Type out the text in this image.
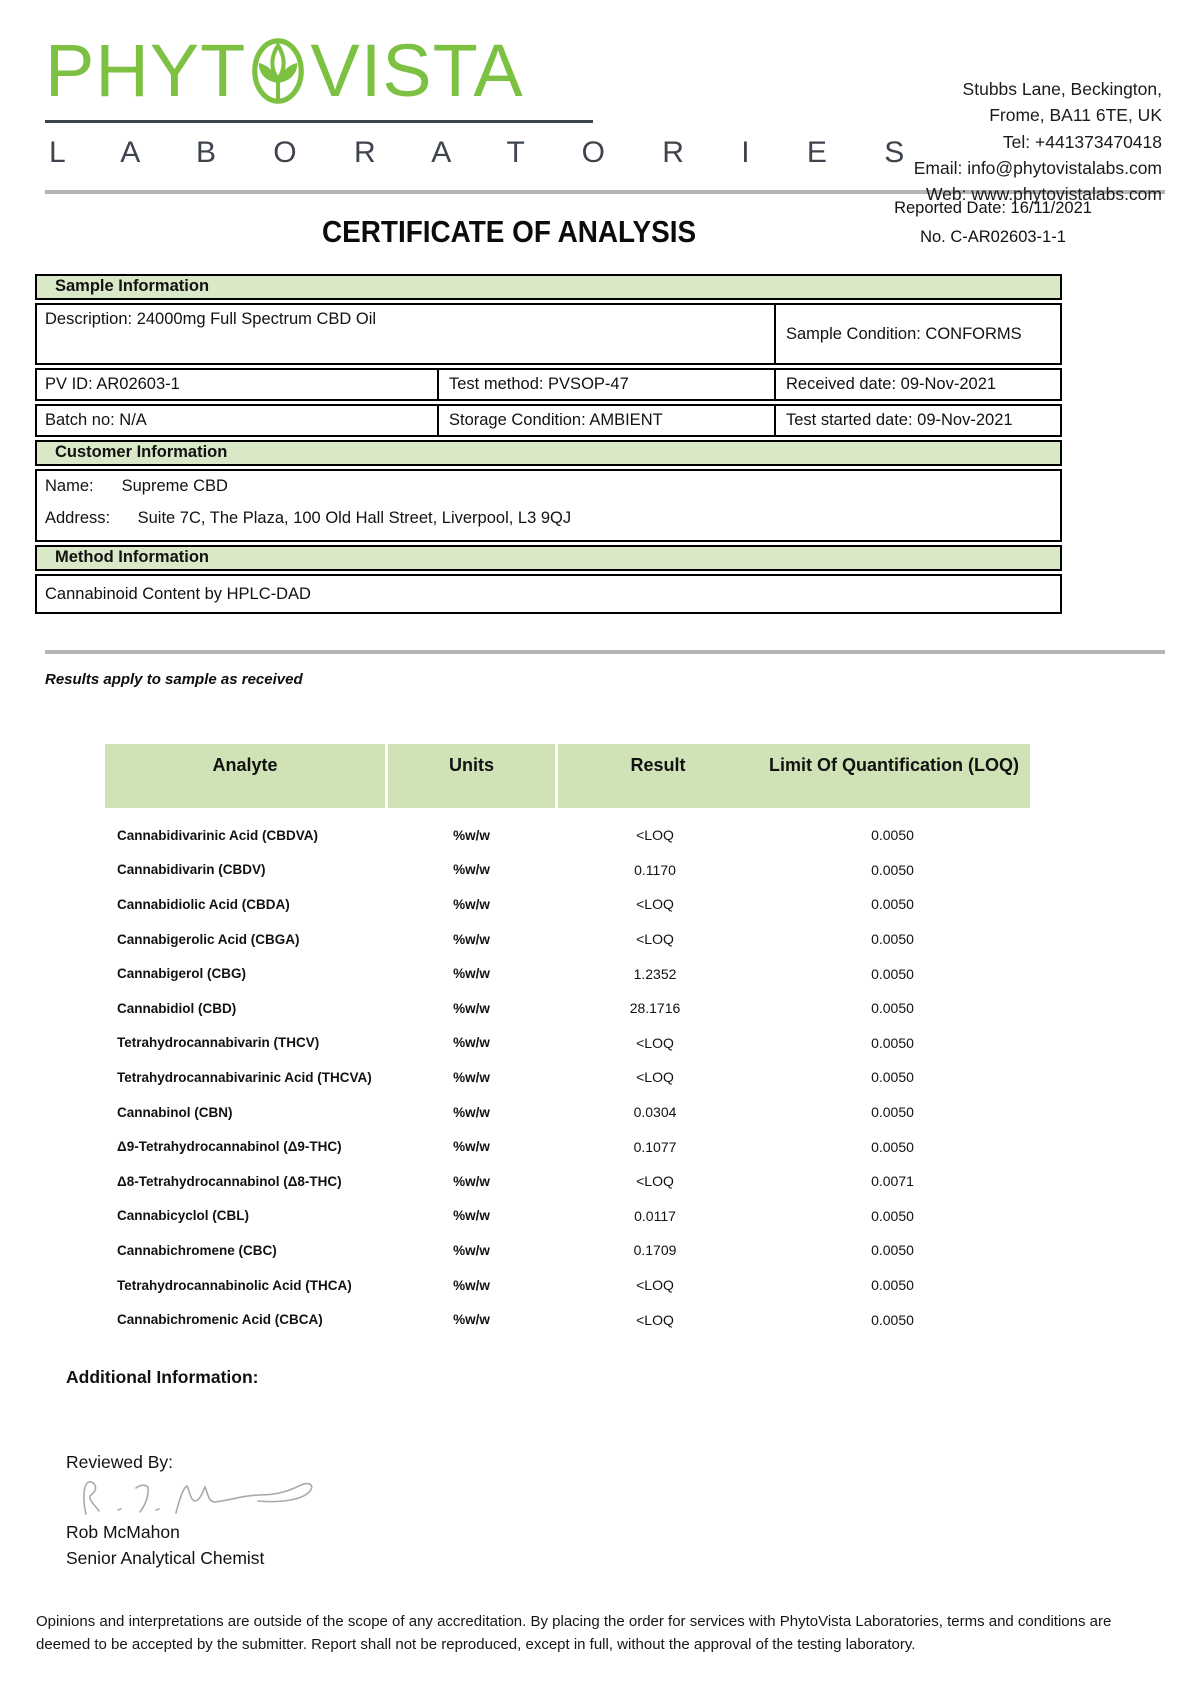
PHYT VISTA
L A B O R A T O R I E S
Stubbs Lane, Beckington,
Frome, BA11 6TE, UK
Tel: +441373470418
Email: info@phytovistalabs.com
Web: www.phytovistalabs.com
CERTIFICATE OF ANALYSIS
Reported Date: 16/11/2021
No. C-AR02603-1-1
Sample Information
Description: 24000mg Full Spectrum CBD Oil
Sample Condition: CONFORMS
PV ID: AR02603-1	Test method: PVSOP-47	Received date: 09-Nov-2021
Batch no: N/A	Storage Condition: AMBIENT	Test started date: 09-Nov-2021
Customer Information
Name: Supreme CBD
Address: Suite 7C, The Plaza, 100 Old Hall Street, Liverpool, L3 9QJ
Method Information
Cannabinoid Content by HPLC-DAD
Results apply to sample as received
Analyte	Units	Result	Limit Of Quantification (LOQ)
Cannabidivarinic Acid (CBDVA)	%w/w	<LOQ	0.0050
Cannabidivarin (CBDV)	%w/w	0.1170	0.0050
Cannabidiolic Acid (CBDA)	%w/w	<LOQ	0.0050
Cannabigerolic Acid (CBGA)	%w/w	<LOQ	0.0050
Cannabigerol (CBG)	%w/w	1.2352	0.0050
Cannabidiol (CBD)	%w/w	28.1716	0.0050
Tetrahydrocannabivarin (THCV)	%w/w	<LOQ	0.0050
Tetrahydrocannabivarinic Acid (THCVA)	%w/w	<LOQ	0.0050
Cannabinol (CBN)	%w/w	0.0304	0.0050
Δ9-Tetrahydrocannabinol (Δ9-THC)	%w/w	0.1077	0.0050
Δ8-Tetrahydrocannabinol (Δ8-THC)	%w/w	<LOQ	0.0071
Cannabicyclol (CBL)	%w/w	0.0117	0.0050
Cannabichromene (CBC)	%w/w	0.1709	0.0050
Tetrahydrocannabinolic Acid (THCA)	%w/w	<LOQ	0.0050
Cannabichromenic Acid (CBCA)	%w/w	<LOQ	0.0050
Additional Information:
Reviewed By:
Rob McMahon
Senior Analytical Chemist
Opinions and interpretations are outside of the scope of any accreditation. By placing the order for services with PhytoVista Laboratories, terms and conditions are deemed to be accepted by the submitter. Report shall not be reproduced, except in full, without the approval of the testing laboratory.
